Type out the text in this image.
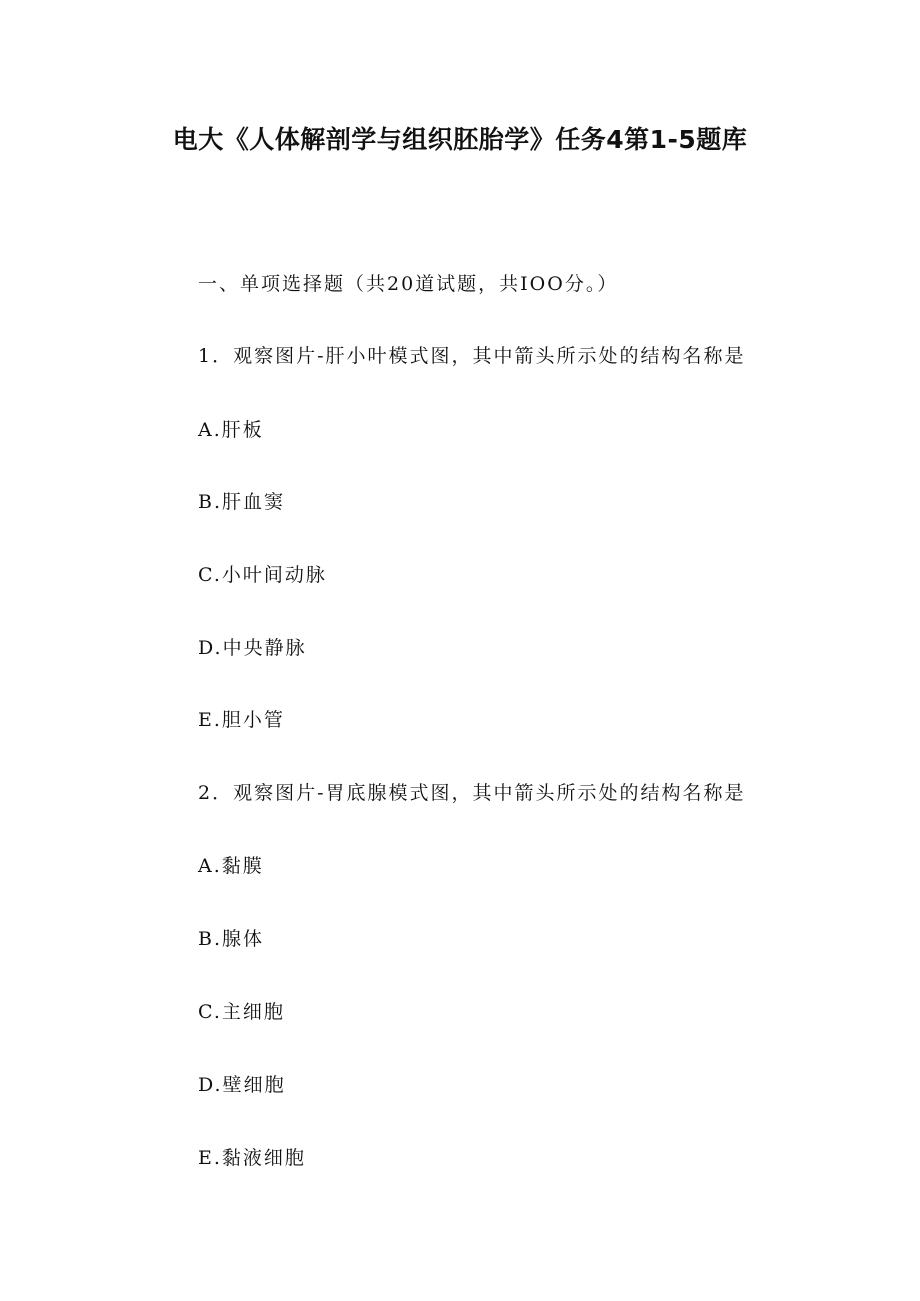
电大《人体解剖学与组织胚胎学》任务4第1-5题库

一、单项选择题（共20道试题，共IOO分。）

1．观察图片-肝小叶模式图，其中箭头所示处的结构名称是

A.肝板

B.肝血窦

C.小叶间动脉

D.中央静脉

E.胆小管

2．观察图片-胃底腺模式图，其中箭头所示处的结构名称是

A.黏膜

B.腺体

C.主细胞

D.壁细胞

E.黏液细胞
